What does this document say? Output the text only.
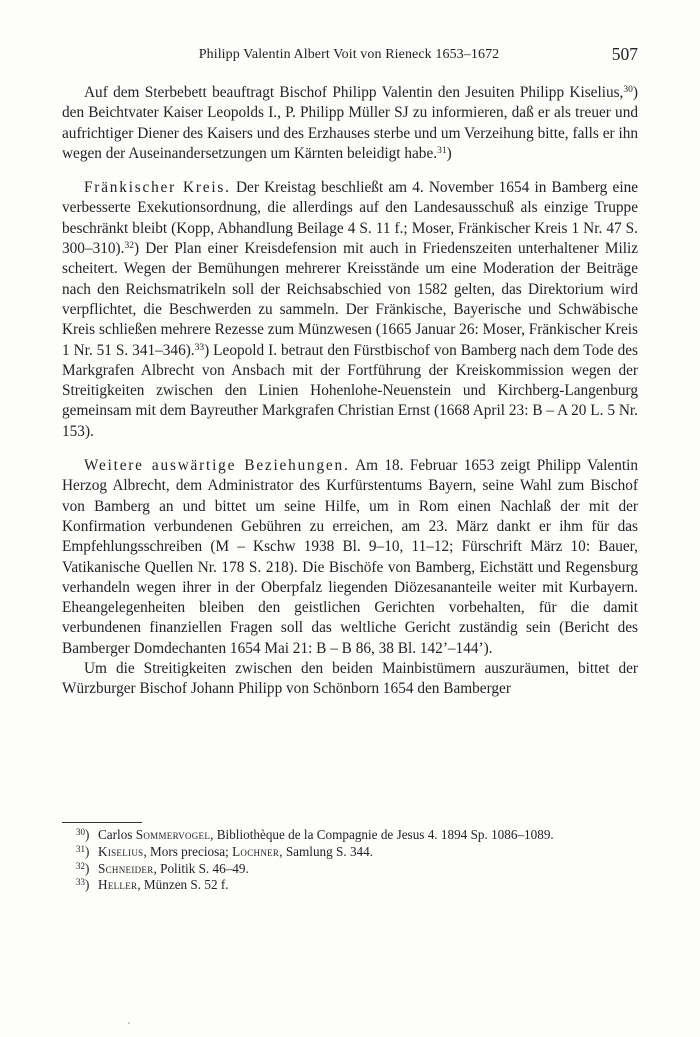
Philipp Valentin Albert Voit von Rieneck 1653–1672	507

Auf dem Sterbebett beauftragt Bischof Philipp Valentin den Jesuiten Philipp Kiselius,$^{30}$) den Beichtvater Kaiser Leopolds I., P. Philipp Müller SJ zu informieren, daß er als treuer und aufrichtiger Diener des Kaisers und des Erzhauses sterbe und um Verzeihung bitte, falls er ihn wegen der Auseinandersetzungen um Kärnten beleidigt habe.$^{31}$)

Fränkischer Kreis. Der Kreistag beschließt am 4. November 1654 in Bamberg eine verbesserte Exekutionsordnung, die allerdings auf den Landesausschuß als einzige Truppe beschränkt bleibt (Kopp, Abhandlung Beilage 4 S. 11 f.; Moser, Fränkischer Kreis 1 Nr. 47 S. 300–310).$^{32}$) Der Plan einer Kreisdefension mit auch in Friedenszeiten unterhaltener Miliz scheitert. Wegen der Bemühungen mehrerer Kreisstände um eine Moderation der Beiträge nach den Reichsmatrikeln soll der Reichsabschied von 1582 gelten, das Direktorium wird verpflichtet, die Beschwerden zu sammeln. Der Fränkische, Bayerische und Schwäbische Kreis schließen mehrere Rezesse zum Münzwesen (1665 Januar 26: Moser, Fränkischer Kreis 1 Nr. 51 S. 341–346).$^{33}$) Leopold I. betraut den Fürstbischof von Bamberg nach dem Tode des Markgrafen Albrecht von Ansbach mit der Fortführung der Kreiskommission wegen der Streitigkeiten zwischen den Linien Hohenlohe-Neuenstein und Kirchberg-Langenburg gemeinsam mit dem Bayreuther Markgrafen Christian Ernst (1668 April 23: B – A 20 L. 5 Nr. 153).

Weitere auswärtige Beziehungen. Am 18. Februar 1653 zeigt Philipp Valentin Herzog Albrecht, dem Administrator des Kurfürstentums Bayern, seine Wahl zum Bischof von Bamberg an und bittet um seine Hilfe, um in Rom einen Nachlaß der mit der Konfirmation verbundenen Gebühren zu erreichen, am 23. März dankt er ihm für das Empfehlungsschreiben (M – Kschw 1938 Bl. 9–10, 11–12; Fürschrift März 10: Bauer, Vatikanische Quellen Nr. 178 S. 218). Die Bischöfe von Bamberg, Eichstätt und Regensburg verhandeln wegen ihrer in der Oberpfalz liegenden Diözesananteile weiter mit Kurbayern. Eheangelegenheiten bleiben den geistlichen Gerichten vorbehalten, für die damit verbundenen finanziellen Fragen soll das weltliche Gericht zuständig sein (Bericht des Bamberger Domdechanten 1654 Mai 21: B – B 86, 38 Bl. 142’–144’).

Um die Streitigkeiten zwischen den beiden Mainbistümern auszuräumen, bittet der Würzburger Bischof Johann Philipp von Schönborn 1654 den Bamberger

$^{30}$) Carlos Sommervogel, Bibliothèque de la Compagnie de Jesus 4. 1894 Sp. 1086–1089.
$^{31}$) Kiselius, Mors preciosa; Lochner, Samlung S. 344.
$^{32}$) Schneider, Politik S. 46–49.
$^{33}$) Heller, Münzen S. 52 f.
